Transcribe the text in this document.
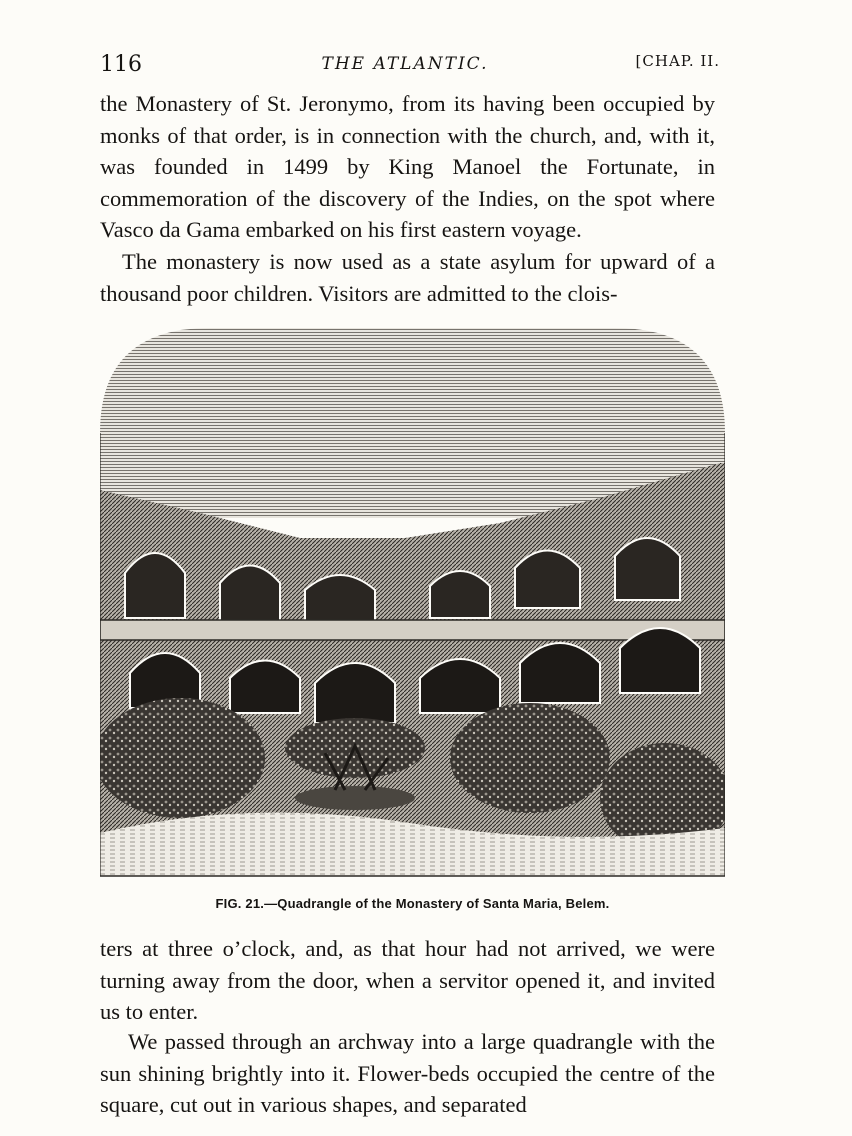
116	THE ATLANTIC.	[CHAP. II.

the Monastery of St. Jeronymo, from its having been occupied by monks of that order, is in connection with the church, and, with it, was founded in 1499 by King Manoel the Fortunate, in commemoration of the discovery of the Indies, on the spot where Vasco da Gama embarked on his first eastern voyage.

The monastery is now used as a state asylum for upward of a thousand poor children. Visitors are admitted to the clois-

FIG. 21.—Quadrangle of the Monastery of Santa Maria, Belem.

ters at three o’clock, and, as that hour had not arrived, we were turning away from the door, when a servitor opened it, and invited us to enter.

We passed through an archway into a large quadrangle with the sun shining brightly into it. Flower-beds occupied the centre of the square, cut out in various shapes, and separated
